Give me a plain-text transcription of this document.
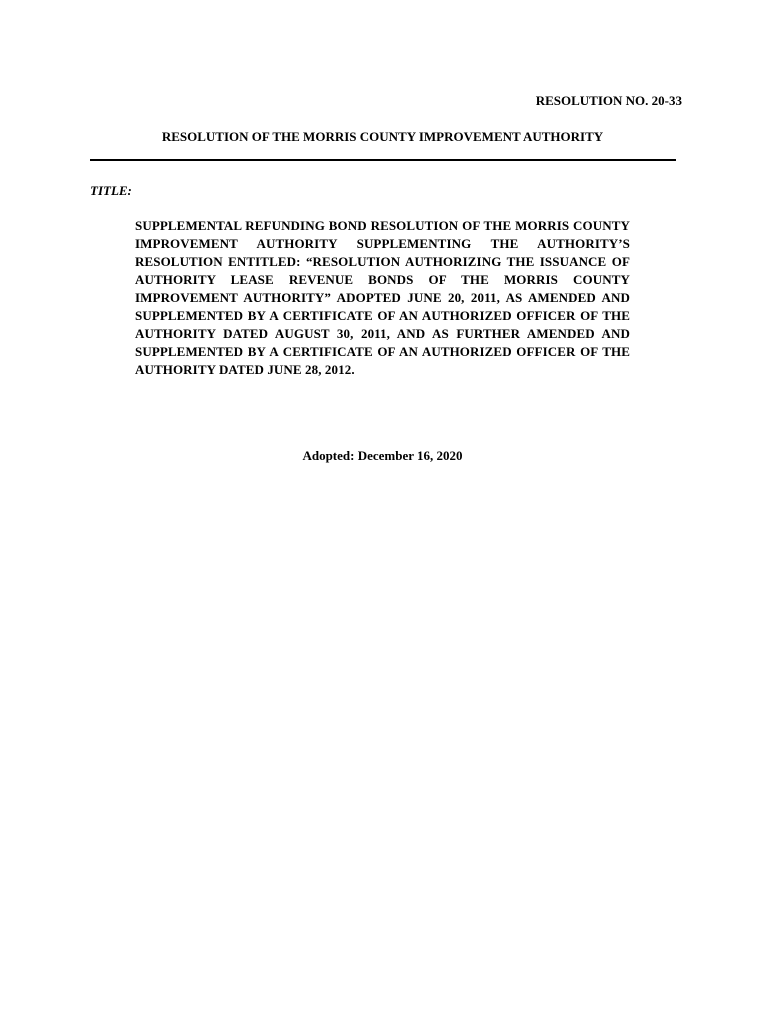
RESOLUTION NO. 20-33
RESOLUTION OF THE MORRIS COUNTY IMPROVEMENT AUTHORITY
TITLE:
SUPPLEMENTAL REFUNDING BOND RESOLUTION OF THE MORRIS COUNTY IMPROVEMENT AUTHORITY SUPPLEMENTING THE AUTHORITY’S RESOLUTION ENTITLED: “RESOLUTION AUTHORIZING THE ISSUANCE OF AUTHORITY LEASE REVENUE BONDS OF THE MORRIS COUNTY IMPROVEMENT AUTHORITY” ADOPTED JUNE 20, 2011, AS AMENDED AND SUPPLEMENTED BY A CERTIFICATE OF AN AUTHORIZED OFFICER OF THE AUTHORITY DATED AUGUST 30, 2011, AND AS FURTHER AMENDED AND SUPPLEMENTED BY A CERTIFICATE OF AN AUTHORIZED OFFICER OF THE AUTHORITY DATED JUNE 28, 2012.
Adopted: December 16, 2020
